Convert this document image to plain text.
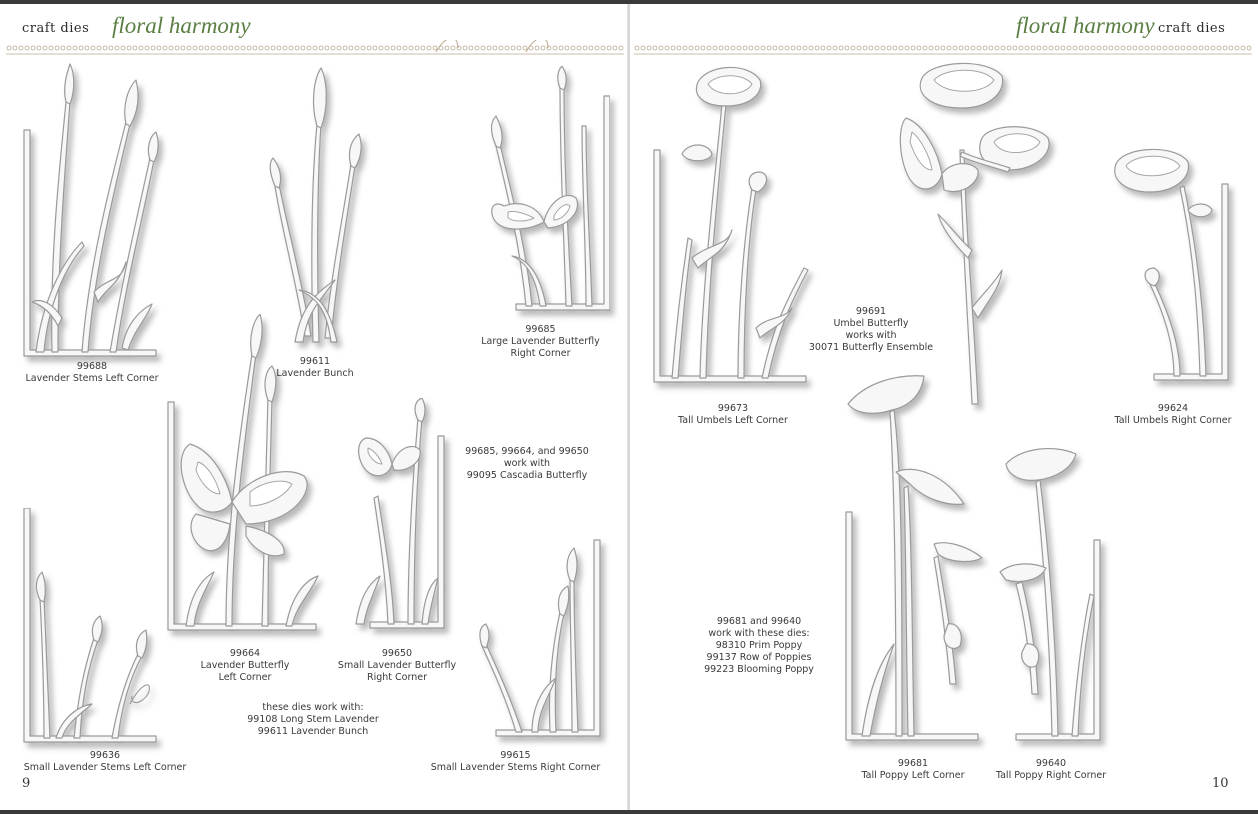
craft dies floral harmony
99688
Lavender Stems Left Corner
99611
Lavender Bunch
99685
Large Lavender Butterfly
Right Corner
99664
Lavender Butterfly
Left Corner
99650
Small Lavender Butterfly
Right Corner
99685, 99664, and 99650
work with
99095 Cascadia Butterfly
99636
Small Lavender Stems Left Corner
these dies work with:
99108 Long Stem Lavender
99611 Lavender Bunch
99615
Small Lavender Stems Right Corner
9
floral harmony craft dies
99673
Tall Umbels Left Corner
99691
Umbel Butterfly
works with
30071 Butterfly Ensemble
99624
Tall Umbels Right Corner
99681 and 99640
work with these dies:
98310 Prim Poppy
99137 Row of Poppies
99223 Blooming Poppy
99681
Tall Poppy Left Corner
99640
Tall Poppy Right Corner
10
